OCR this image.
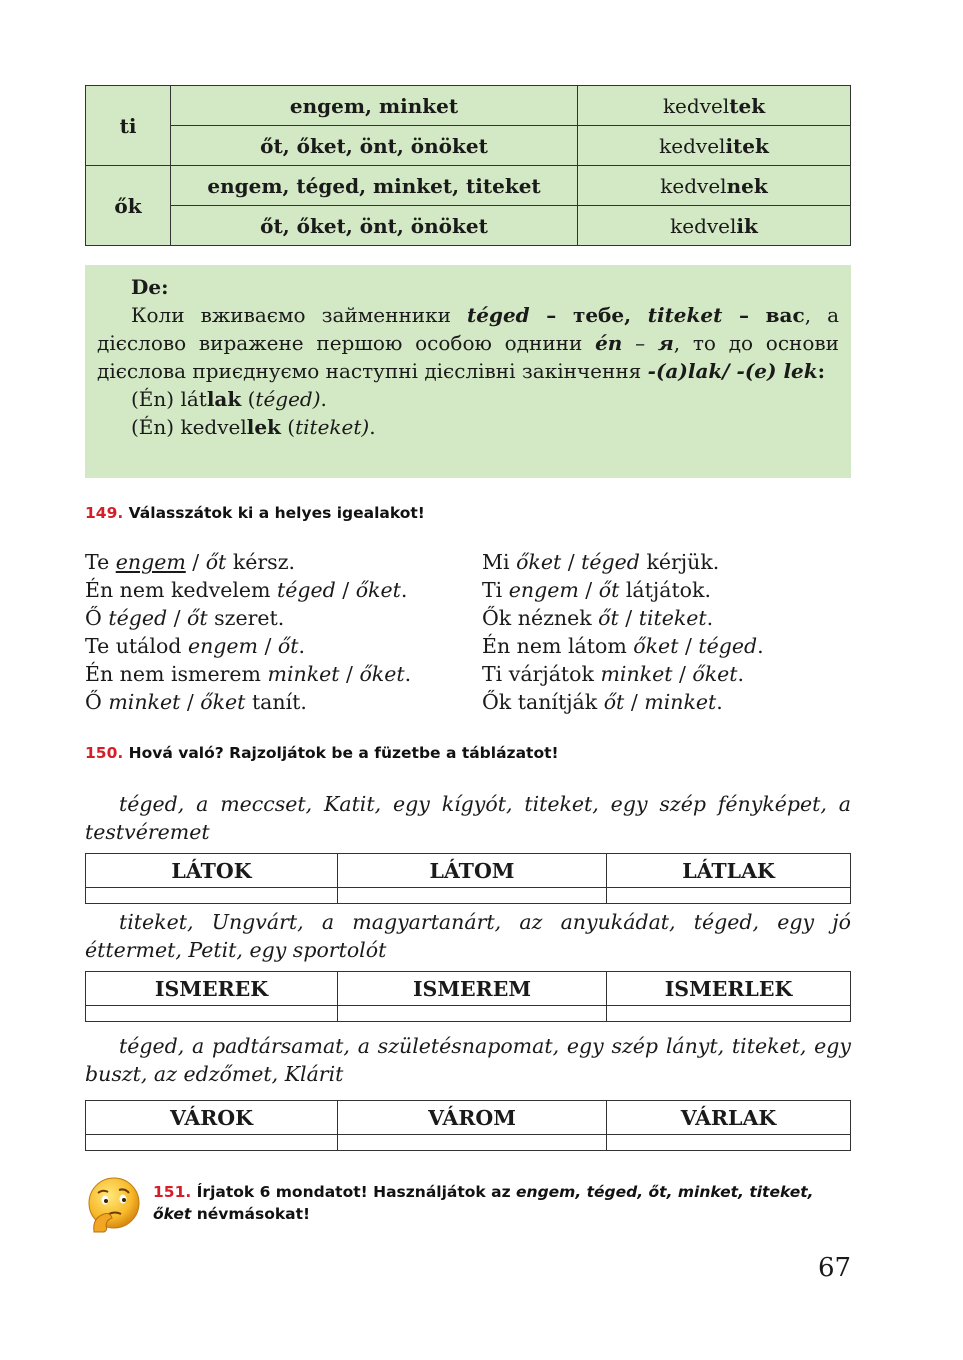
ti	engem, minket	kedveltek
	őt, őket, önt, önöket	kedvelitek
ők	engem, téged, minket, titeket	kedvelnek
	őt, őket, önt, önöket	kedvelik

De:

Коли вживаємо займенники téged – тебе, titeket – вас, а дієслово виражене першою особою однини én – я, то до основи дієслова приєднуємо наступні дієслівні закінчення -(a)lak/ -(e) lek:

(Én) látlak (téged).

(Én) kedvellek (titeket).

149. Válasszátok ki a helyes igealakot!

Te engem / őt kérsz.

Én nem kedvelem téged / őket.

Ő téged / őt szeret.

Te utálod engem / őt.

Én nem ismerem minket / őket.

Ő minket / őket tanít.

Mi őket / téged kérjük.

Ti engem / őt látjátok.

Ők néznek őt / titeket.

Én nem látom őket / téged.

Ti várjátok minket / őket.

Ők tanítják őt / minket.

150. Hová való? Rajzoljátok be a füzetbe a táblázatot!
téged, a meccset, Katit, egy kígyót, titeket, egy szép fényképet, a testvéremet
LÁTOK	LÁTOM	LÁTLAK

titeket, Ungvárt, a magyartanárt, az anyukádat, téged, egy jó éttermet, Petit, egy sportolót
ISMEREK	ISMEREM	ISMERLEK

téged, a padtársamat, a születésnapomat, egy szép lányt, titeket, egy buszt, az edzőmet, Klárit
VÁROK	VÁROM	VÁRLAK

151. Írjatok 6 mondatot! Használjátok az engem, téged, őt, minket, titeket, őket névmásokat!
67
